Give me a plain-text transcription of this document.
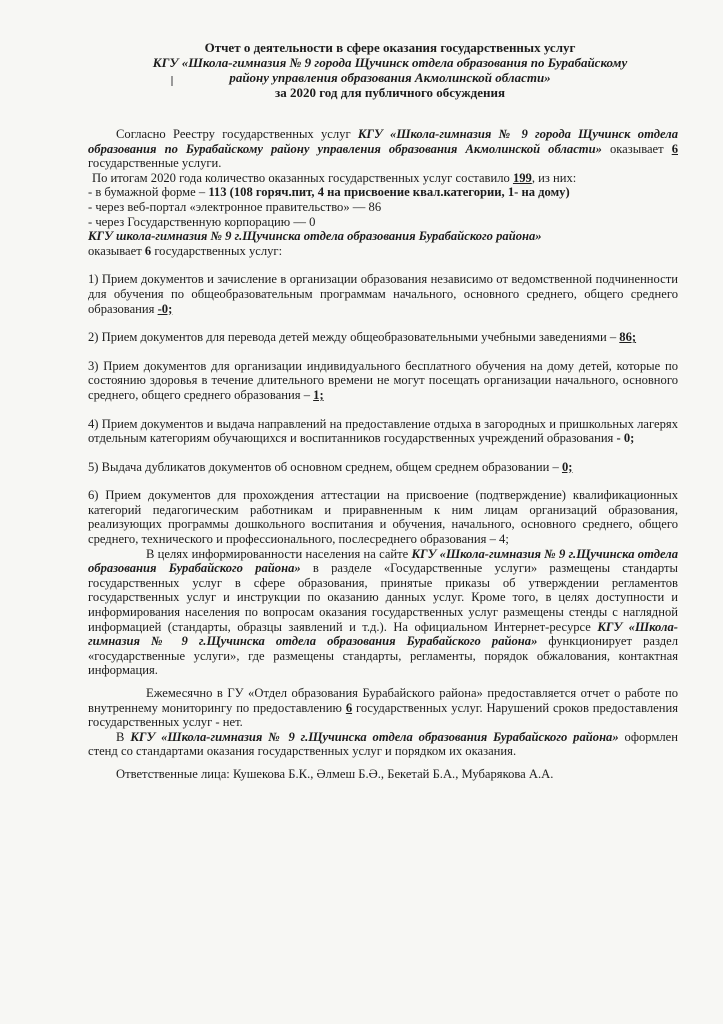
Отчет о деятельности в сфере оказания государственных услуг
КГУ «Школа-гимназия № 9 города Щучинск отдела образования по Бурабайскому
району управления образования Акмолинской области»
за 2020 год для публичного обсуждения

Согласно Реестру государственных услуг КГУ «Школа-гимназия № 9 города Щучинск отдела образования по Бурабайскому району управления образования Акмолинской области» оказывает 6 государственные услуги.

По итогам 2020 года количество оказанных государственных услуг составило 199, из них:

- в бумажной форме – 113 (108 горяч.пит, 4 на присвоение квал.категории, 1- на дому)

- через веб-портал «электронное правительство» — 86

- через Государственную корпорацию — 0

КГУ школа-гимназия № 9 г.Щучинска отдела образования Бурабайского района»

оказывает 6 государственных услуг:

1) Прием документов и зачисление в организации образования независимо от ведомственной подчиненности для обучения по общеобразовательным программам начального, основного среднего, общего среднего образования -0;

2) Прием документов для перевода детей между общеобразовательными учебными заведениями – 86;

3) Прием документов для организации индивидуального бесплатного обучения на дому детей, которые по состоянию здоровья в течение длительного времени не могут посещать организации начального, основного среднего, общего среднего образования – 1;

4) Прием документов и выдача направлений на предоставление отдыха в загородных и пришкольных лагерях отдельным категориям обучающихся и воспитанников государственных учреждений образования - 0;

5) Выдача дубликатов документов об основном среднем, общем среднем образовании – 0;

6) Прием документов для прохождения аттестации на присвоение (подтверждение) квалификационных категорий педагогическим работникам и приравненным к ним лицам организаций образования, реализующих программы дошкольного воспитания и обучения, начального, основного среднего, общего среднего, технического и профессионального, послесреднего образования – 4;

В целях информированности населения на сайте КГУ «Школа-гимназия № 9 г.Щучинска отдела образования Бурабайского района» в разделе «Государственные услуги» размещены стандарты государственных услуг в сфере образования, принятые приказы об утверждении регламентов государственных услуг и инструкции по оказанию данных услуг. Кроме того, в целях доступности и информирования населения по вопросам оказания государственных услуг размещены стенды с наглядной информацией (стандарты, образцы заявлений и т.д.). На официальном Интернет-ресурсе КГУ «Школа-гимназия № 9 г.Щучинска отдела образования Бурабайского района» функционирует раздел «государственные услуги», где размещены стандарты, регламенты, порядок обжалования, контактная информация.

Ежемесячно в ГУ «Отдел образования Бурабайского района» предоставляется отчет о работе по внутреннему мониторингу по предоставлению 6 государственных услуг. Нарушений сроков предоставления государственных услуг - нет.

В КГУ «Школа-гимназия № 9 г.Щучинска отдела образования Бурабайского района» оформлен стенд со стандартами оказания государственных услуг и порядком их оказания.

Ответственные лица: Кушекова Б.К., Әлмеш Б.Ә., Бекетай Б.А., Мубарякова А.А.
